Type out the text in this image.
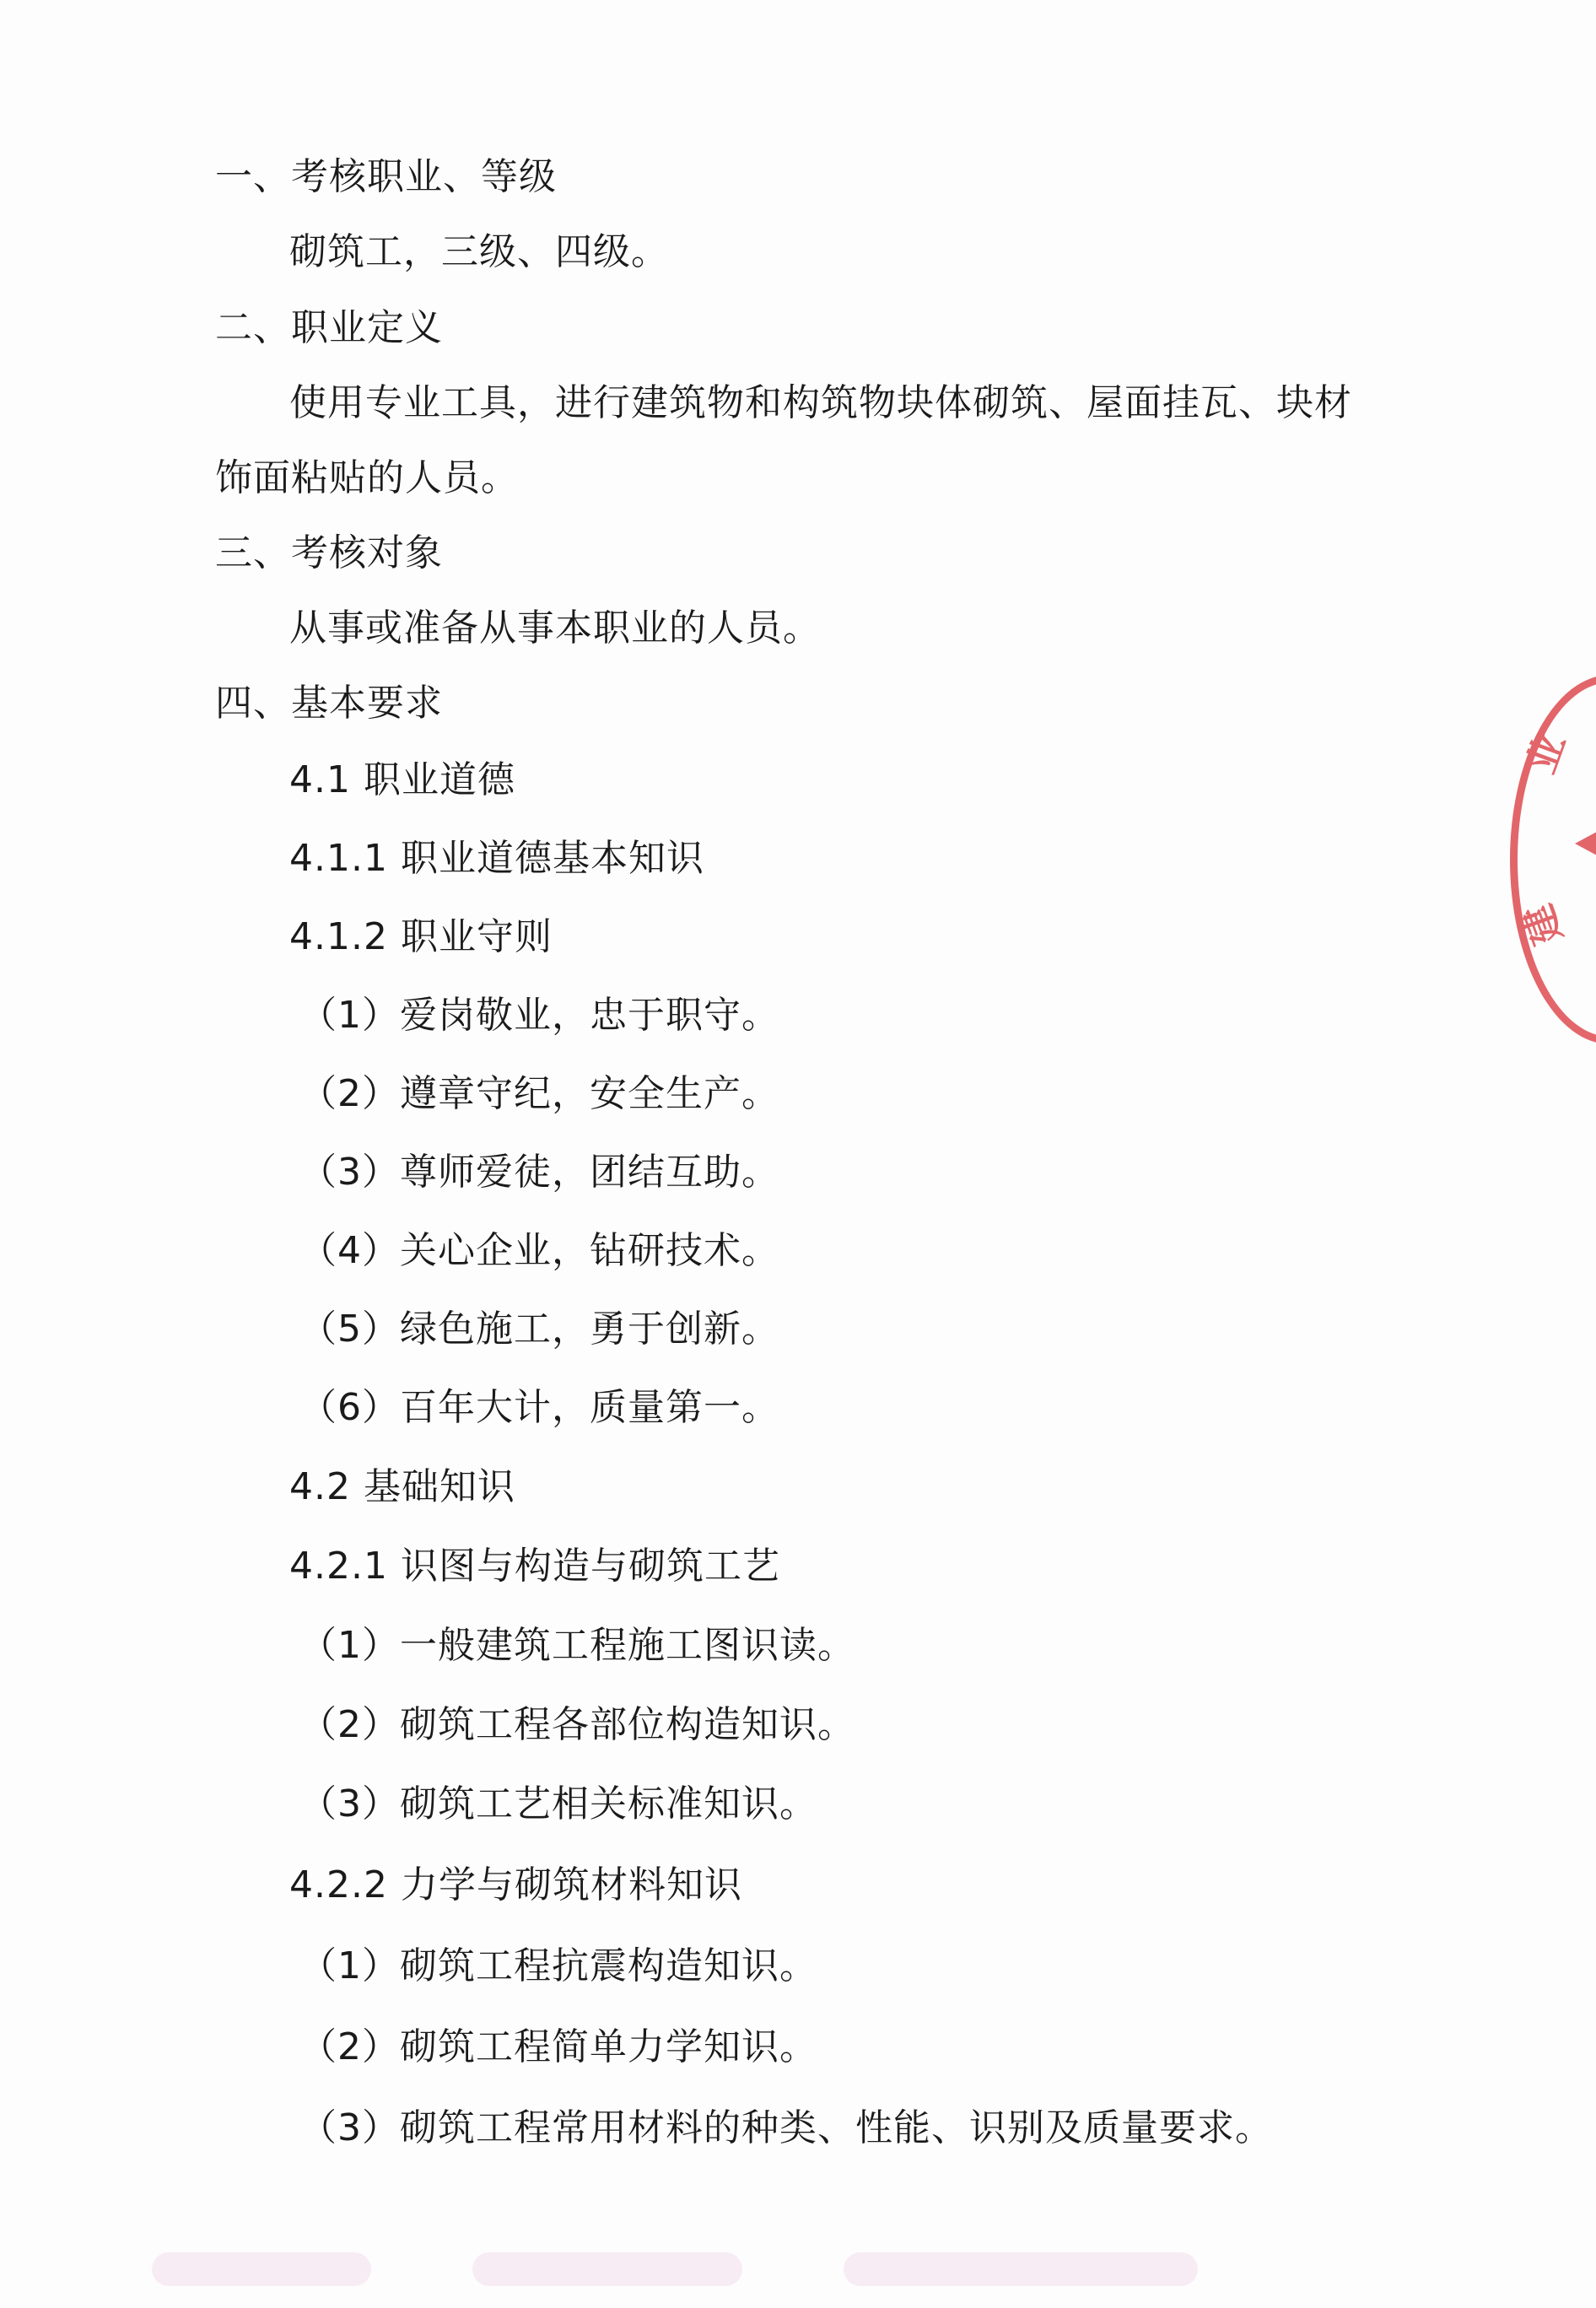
一、考核职业、等级
砌筑工，三级、四级。
二、职业定义
使用专业工具，进行建筑物和构筑物块体砌筑、屋面挂瓦、块材
饰面粘贴的人员。
三、考核对象
从事或准备从事本职业的人员。
四、基本要求
4.1 职业道德
4.1.1 职业道德基本知识
4.1.2 职业守则
（1）爱岗敬业，忠于职守。
（2）遵章守纪，安全生产。
（3）尊师爱徒，团结互助。
（4）关心企业，钻研技术。
（5）绿色施工，勇于创新。
（6）百年大计，质量第一。
4.2 基础知识
4.2.1 识图与构造与砌筑工艺
（1）一般建筑工程施工图识读。
（2）砌筑工程各部位构造知识。
（3）砌筑工艺相关标准知识。
4.2.2 力学与砌筑材料知识
（1）砌筑工程抗震构造知识。
（2）砌筑工程简单力学知识。
（3）砌筑工程常用材料的种类、性能、识别及质量要求。
业
建
